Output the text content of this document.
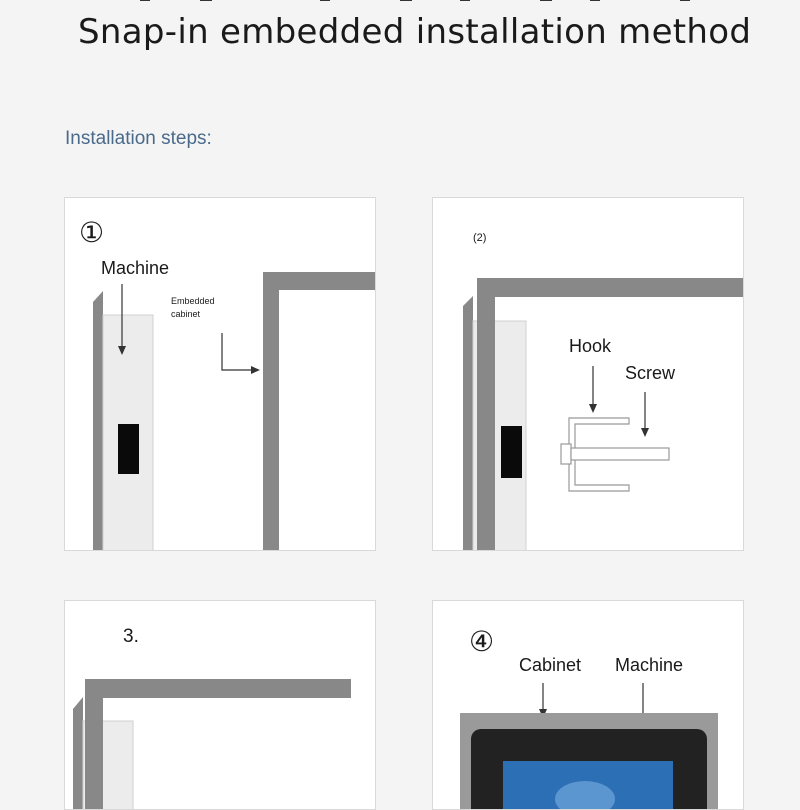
Snap-in embedded installation method
Installation steps:
①
Machine
Embedded
cabinet
(2)
Hook
Screw
3.	④
Cabinet Machine
